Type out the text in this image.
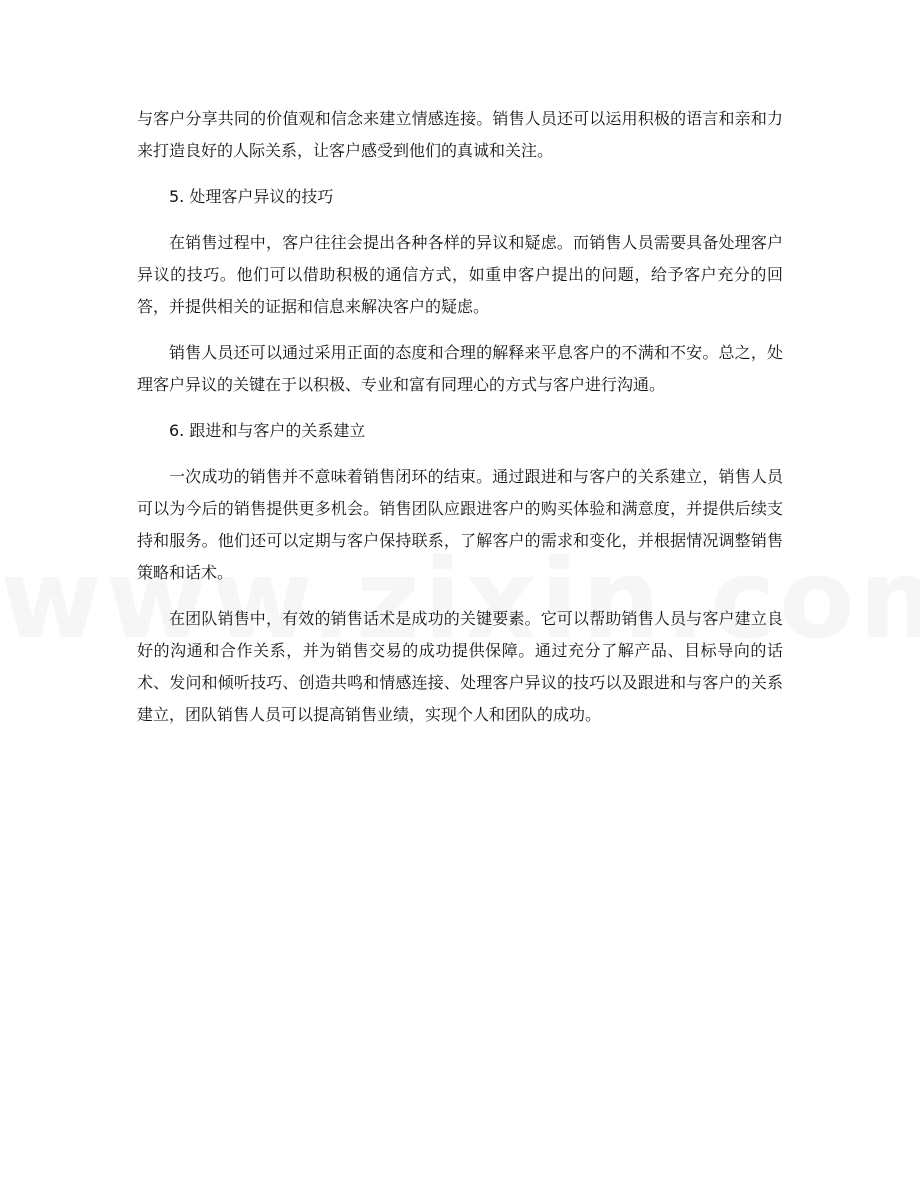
与客户分享共同的价值观和信念来建立情感连接。销售人员还可以运用积极的语言和亲和力来打造良好的人际关系，让客户感受到他们的真诚和关注。

5. 处理客户异议的技巧

在销售过程中，客户往往会提出各种各样的异议和疑虑。而销售人员需要具备处理客户异议的技巧。他们可以借助积极的通信方式，如重申客户提出的问题，给予客户充分的回答，并提供相关的证据和信息来解决客户的疑虑。

销售人员还可以通过采用正面的态度和合理的解释来平息客户的不满和不安。总之，处理客户异议的关键在于以积极、专业和富有同理心的方式与客户进行沟通。

6. 跟进和与客户的关系建立

一次成功的销售并不意味着销售闭环的结束。通过跟进和与客户的关系建立，销售人员可以为今后的销售提供更多机会。销售团队应跟进客户的购买体验和满意度，并提供后续支持和服务。他们还可以定期与客户保持联系，了解客户的需求和变化，并根据情况调整销售策略和话术。

在团队销售中，有效的销售话术是成功的关键要素。它可以帮助销售人员与客户建立良好的沟通和合作关系，并为销售交易的成功提供保障。通过充分了解产品、目标导向的话术、发问和倾听技巧、创造共鸣和情感连接、处理客户异议的技巧以及跟进和与客户的关系建立，团队销售人员可以提高销售业绩，实现个人和团队的成功。
